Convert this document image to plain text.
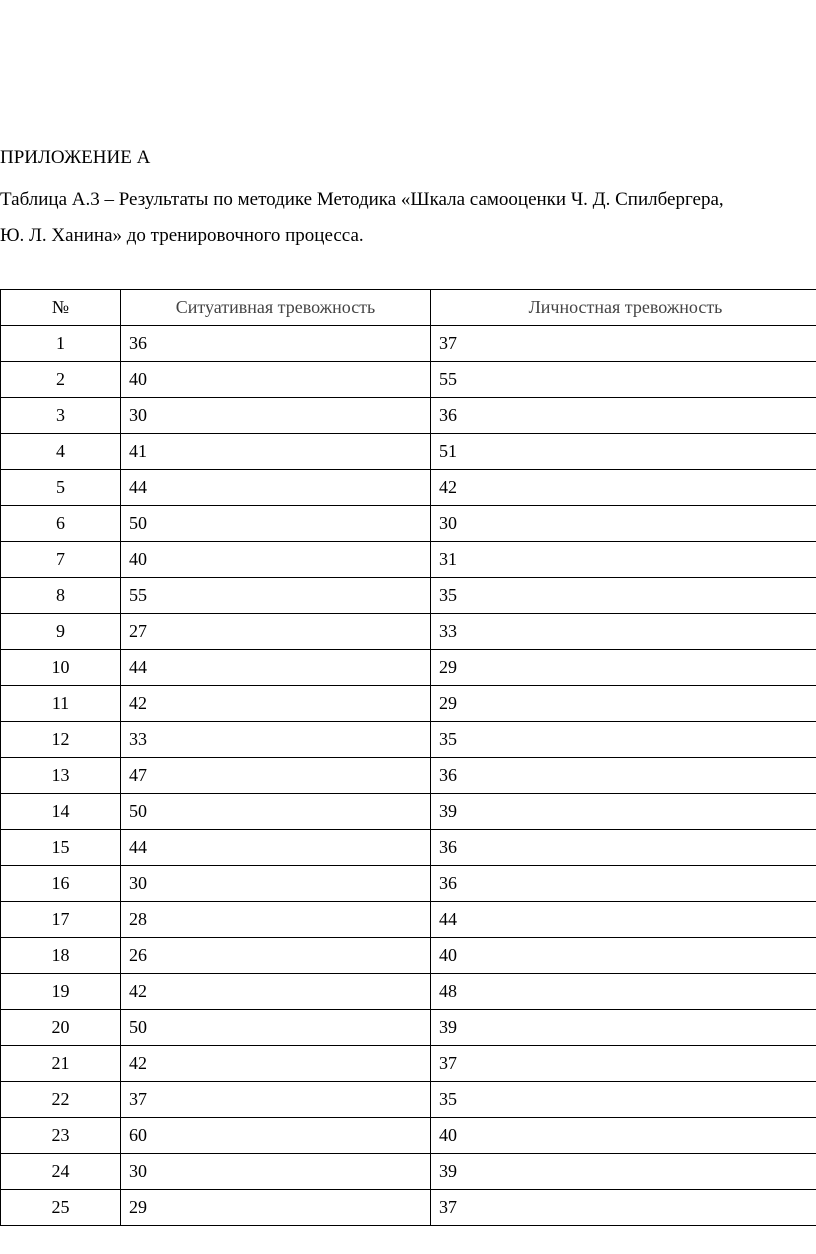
ПРИЛОЖЕНИЕ А
Таблица А.3 – Результаты по методике Методика «Шкала самооценки Ч. Д. Спилбергера,
Ю. Л. Ханина» до тренировочного процесса.
№	Ситуативная тревожность	Личностная тревожность
1	36	37
2	40	55
3	30	36
4	41	51
5	44	42
6	50	30
7	40	31
8	55	35
9	27	33
10	44	29
11	42	29
12	33	35
13	47	36
14	50	39
15	44	36
16	30	36
17	28	44
18	26	40
19	42	48
20	50	39
21	42	37
22	37	35
23	60	40
24	30	39
25	29	37
